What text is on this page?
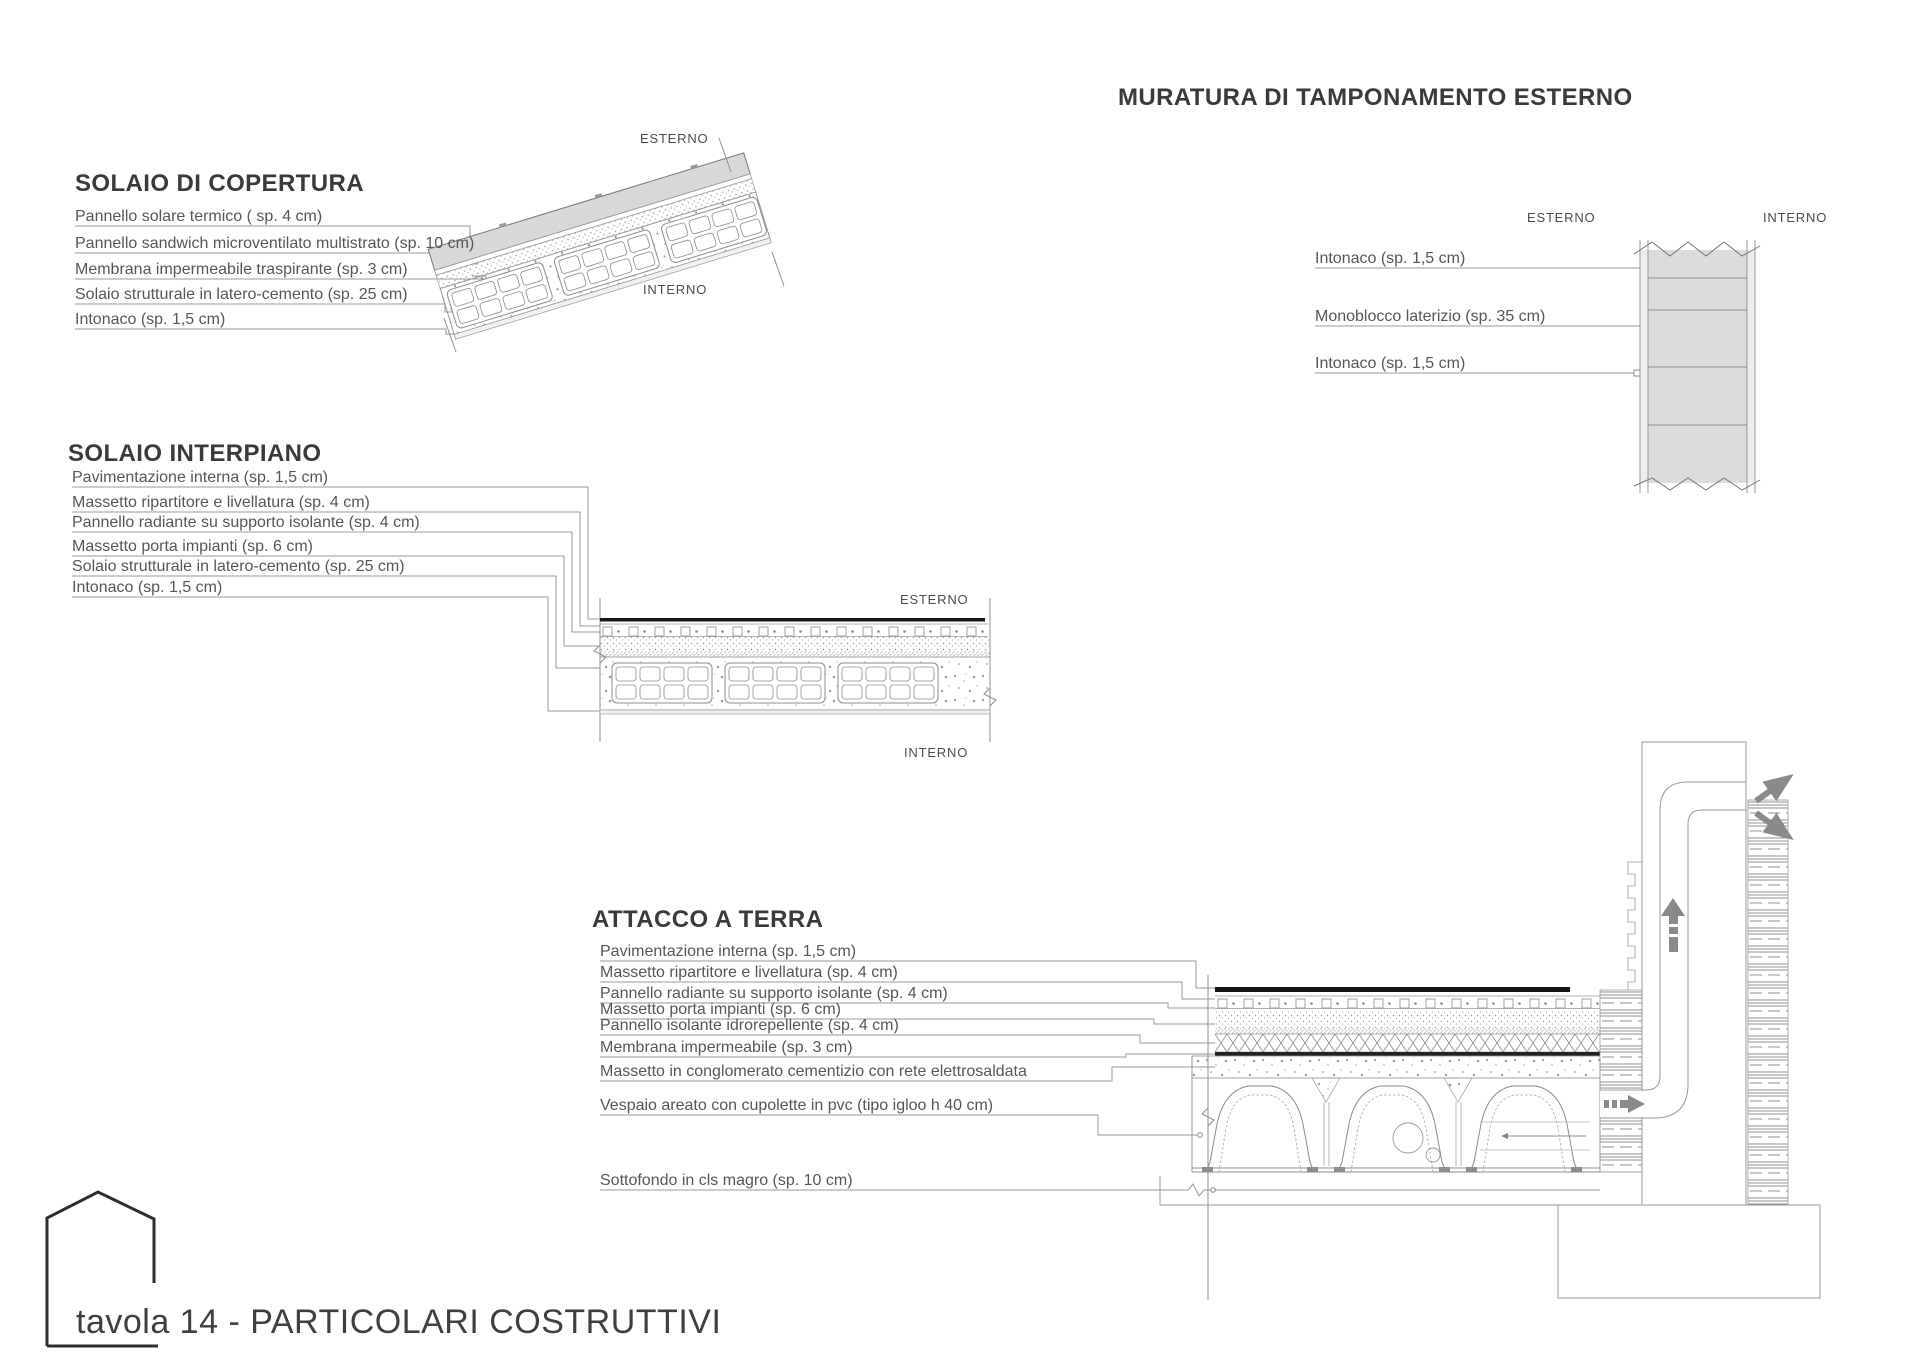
SOLAIO DI COPERTURA
Pannello solare termico ( sp. 4 cm)
Pannello sandwich microventilato multistrato (sp. 10 cm)
Membrana impermeabile traspirante (sp. 3 cm)
Solaio strutturale in latero-cemento (sp. 25 cm)
Intonaco (sp. 1,5 cm)
ESTERNO
INTERNO
MURATURA DI TAMPONAMENTO ESTERNO
ESTERNO	INTERNO
Intonaco (sp. 1,5 cm)
Monoblocco laterizio (sp. 35 cm)
Intonaco (sp. 1,5 cm)
SOLAIO INTERPIANO
Pavimentazione interna (sp. 1,5 cm)
Massetto ripartitore e livellatura (sp. 4 cm)
Pannello radiante su supporto isolante (sp. 4 cm)
Massetto porta impianti (sp. 6 cm)
Solaio strutturale in latero-cemento (sp. 25 cm)
Intonaco (sp. 1,5 cm)
ESTERNO
INTERNO
ATTACCO A TERRA
Pavimentazione interna (sp. 1,5 cm)
Massetto ripartitore e livellatura (sp. 4 cm)
Pannello radiante su supporto isolante (sp. 4 cm)
Massetto porta impianti (sp. 6 cm)
Pannello isolante idrorepellente (sp. 4 cm)
Membrana impermeabile (sp. 3 cm)
Massetto in conglomerato cementizio con rete elettrosaldata
Vespaio areato con cupolette in pvc (tipo igloo h 40 cm)
Sottofondo in cls magro (sp. 10 cm)
tavola 14 - PARTICOLARI COSTRUTTIVI
